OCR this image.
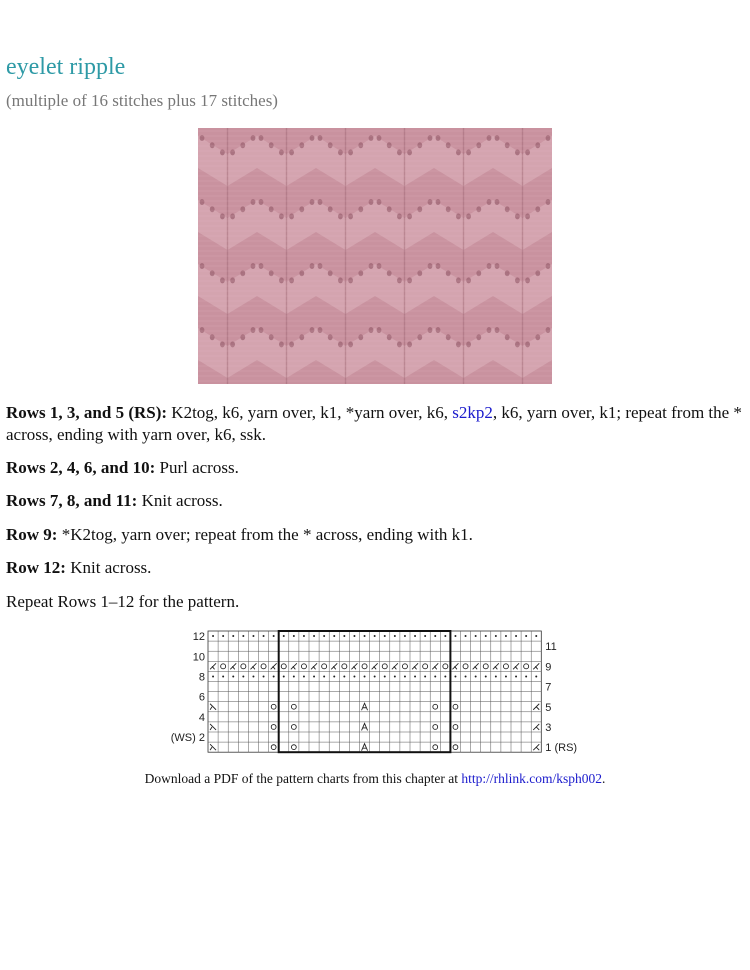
eyelet ripple

(multiple of 16 stitches plus 17 stitches)

Rows 1, 3, and 5 (RS): K2tog, k6, yarn over, k1, *yarn over, k6, s2kp2, k6, yarn over, k1; repeat from the * across, ending with yarn over, k6, ssk.

Rows 2, 4, 6, and 10: Purl across.

Rows 7, 8, and 11: Knit across.

Row 9: *K2tog, yarn over; repeat from the * across, ending with k1.

Row 12: Knit across.

Repeat Rows 1–12 for the pattern.

12
10
8
6
4
(WS) 2
11
9
7
5
3
1 (RS)

Download a PDF of the pattern charts from this chapter at http://rhlink.com/ksph002.
